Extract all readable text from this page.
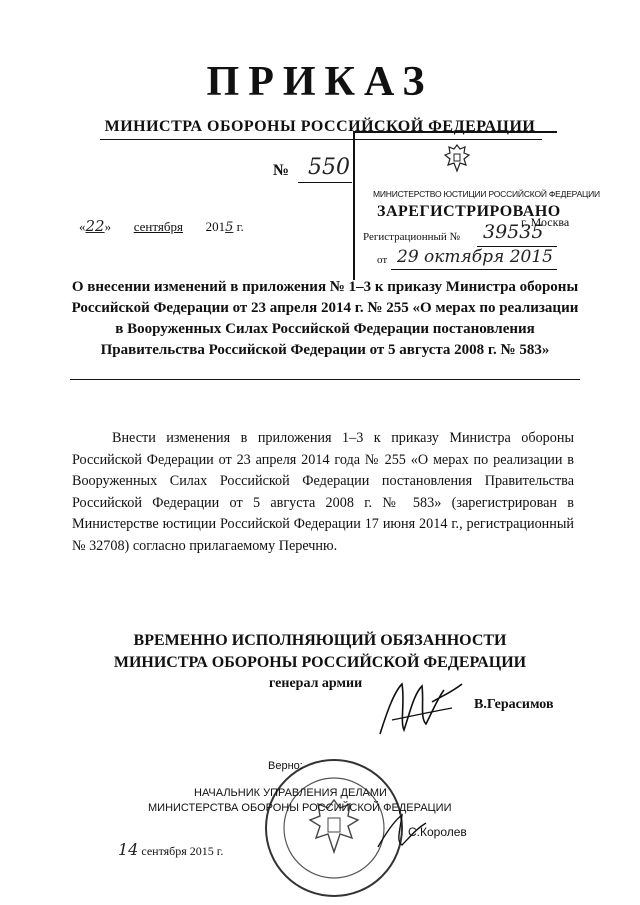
ПРИКАЗ
МИНИСТРА ОБОРОНЫ РОССИЙСКОЙ ФЕДЕРАЦИИ
№ 550
«22» сентября 2015 г.
МИНИСТЕРСТВО ЮСТИЦИИ РОССИЙСКОЙ ФЕДЕРАЦИИ
ЗАРЕГИСТРИРОВАНО
Регистрационный № 39535
от 29 октября 2015
г. Москва
О внесении изменений в приложения № 1–3 к приказу Министра обороны Российской Федерации от 23 апреля 2014 г. № 255 «О мерах по реализации в Вооруженных Силах Российской Федерации постановления Правительства Российской Федерации от 5 августа 2008 г. № 583»
Внести изменения в приложения 1–3 к приказу Министра обороны Российской Федерации от 23 апреля 2014 года № 255 «О мерах по реализации в Вооруженных Силах Российской Федерации постановления Правительства Российской Федерации от 5 августа 2008 г. № 583» (зарегистрирован в Министерстве юстиции Российской Федерации 17 июня 2014 г., регистрационный № 32708) согласно прилагаемому Перечню.
ВРЕМЕННО ИСПОЛНЯЮЩИЙ ОБЯЗАННОСТИ
МИНИСТРА ОБОРОНЫ РОССИЙСКОЙ ФЕДЕРАЦИИ
генерал армии
В.Герасимов
Верно:
НАЧАЛЬНИК УПРАВЛЕНИЯ ДЕЛАМИ
МИНИСТЕРСТВА ОБОРОНЫ РОССИЙСКОЙ ФЕДЕРАЦИИ
14 сентября 2015 г.
С.Королев
